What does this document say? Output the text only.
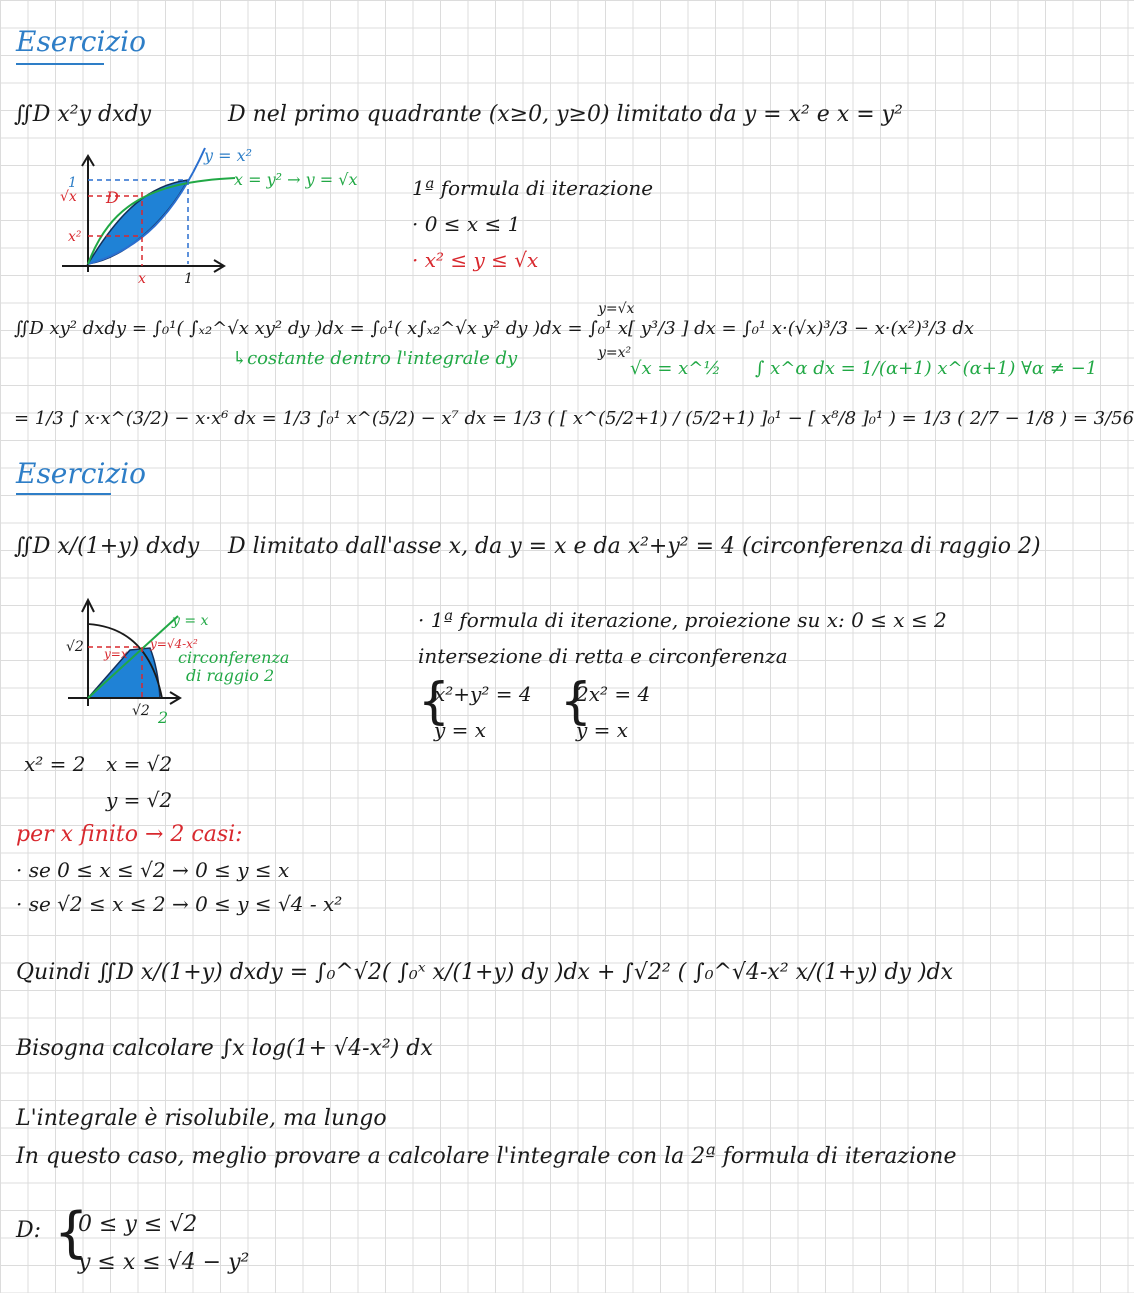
Esercizio
∬D x²y dxdy	D nel primo quadrante (x≥0, y≥0) limitato da y = x² e x = y²
y = x²
x = y² → y = √x
1
√x
x²
D
x	1
1ª formula di iterazione
· 0 ≤ x ≤ 1
· x² ≤ y ≤ √x
∬D xy² dxdy = ∫₀¹( ∫ₓ₂^√x xy² dy )dx = ∫₀¹( x∫ₓ₂^√x y² dy )dx = ∫₀¹ x[ y³/3 ] dx = ∫₀¹ x·(√x)³/3 − x·(x²)³/3 dx
y=√x
y=x²
↳costante dentro l'integrale dy	√x = x^½ ∫ x^α dx = 1/(α+1) x^(α+1) ∀α ≠ −1
= 1/3 ∫ x·x^(3/2) − x·x⁶ dx = 1/3 ∫₀¹ x^(5/2) − x⁷ dx = 1/3 ( [ x^(5/2+1) / (5/2+1) ]₀¹ − [ x⁸/8 ]₀¹ ) = 1/3 ( 2/7 − 1/8 ) = 3/56
Esercizio
∬D x/(1+y) dxdy D limitato dall'asse x, da y = x e da x²+y² = 4 (circonferenza di raggio 2)
y = x
y=√4-x²
circonferenza
di raggio 2
√2 y=x
√2 2
· 1ª formula di iterazione, proiezione su x: 0 ≤ x ≤ 2
intersezione di retta e circonferenza
{
x²+y² = 4
y = x {
2x² = 4
y = x
x² = 2 x = √2
y = √2
per x finito → 2 casi:
· se 0 ≤ x ≤ √2 → 0 ≤ y ≤ x
· se √2 ≤ x ≤ 2 → 0 ≤ y ≤ √4 - x²
Quindi ∬D x/(1+y) dxdy = ∫₀^√2( ∫₀ˣ x/(1+y) dy )dx + ∫√2² ( ∫₀^√4-x² x/(1+y) dy )dx
Bisogna calcolare ∫x log(1+ √4-x²) dx
L'integrale è risolubile, ma lungo
In questo caso, meglio provare a calcolare l'integrale con la 2ª formula di iterazione
D: {
0 ≤ y ≤ √2
y ≤ x ≤ √4 − y²
